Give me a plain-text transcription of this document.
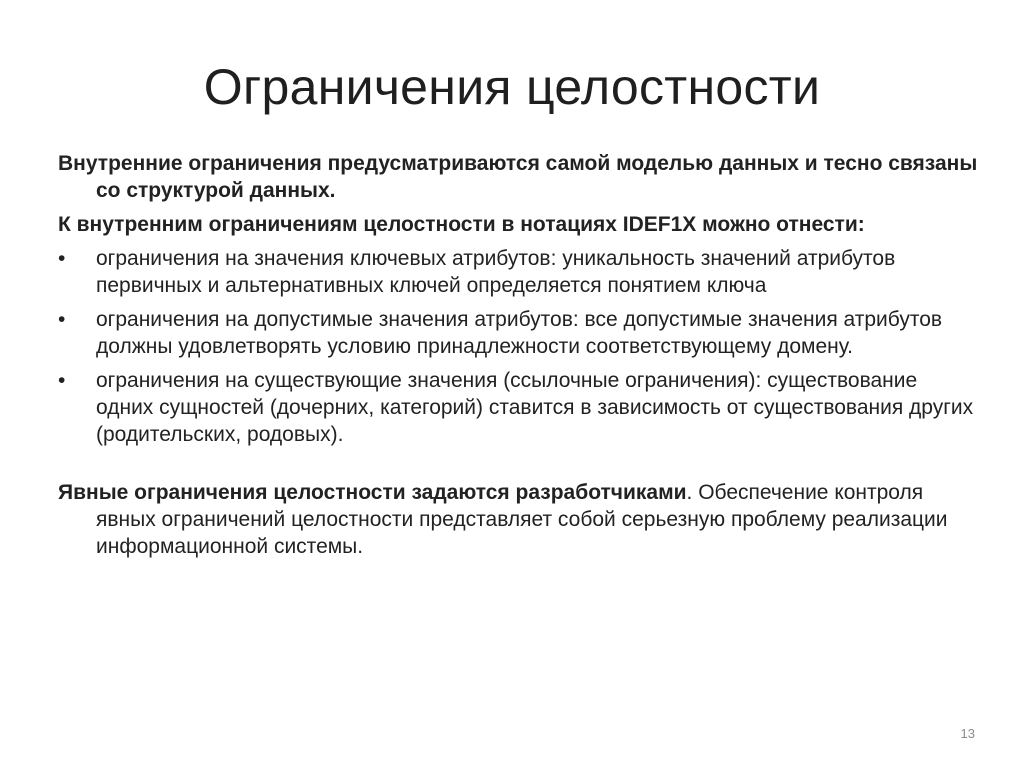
Ограничения целостности

Внутренние ограничения предусматриваются самой моделью данных и тесно связаны со структурой данных.

К внутренним ограничениям целостности в нотациях IDEF1X можно отнести:

•	ограничения на значения ключевых атрибутов: уникальность значений атрибутов первичных и альтернативных ключей определяется понятием ключа
•	ограничения на допустимые значения атрибутов: все допустимые значения атрибутов должны удовлетворять условию принадлежности соответствующему домену.
•	ограничения на существующие значения (ссылочные ограничения): существование одних сущностей (дочерних, категорий) ставится в зависимость от существования других (родительских, родовых).

Явные ограничения целостности задаются разработчиками. Обеспечение контроля явных ограничений целостности представляет собой серьезную проблему реализации информационной системы.

13
